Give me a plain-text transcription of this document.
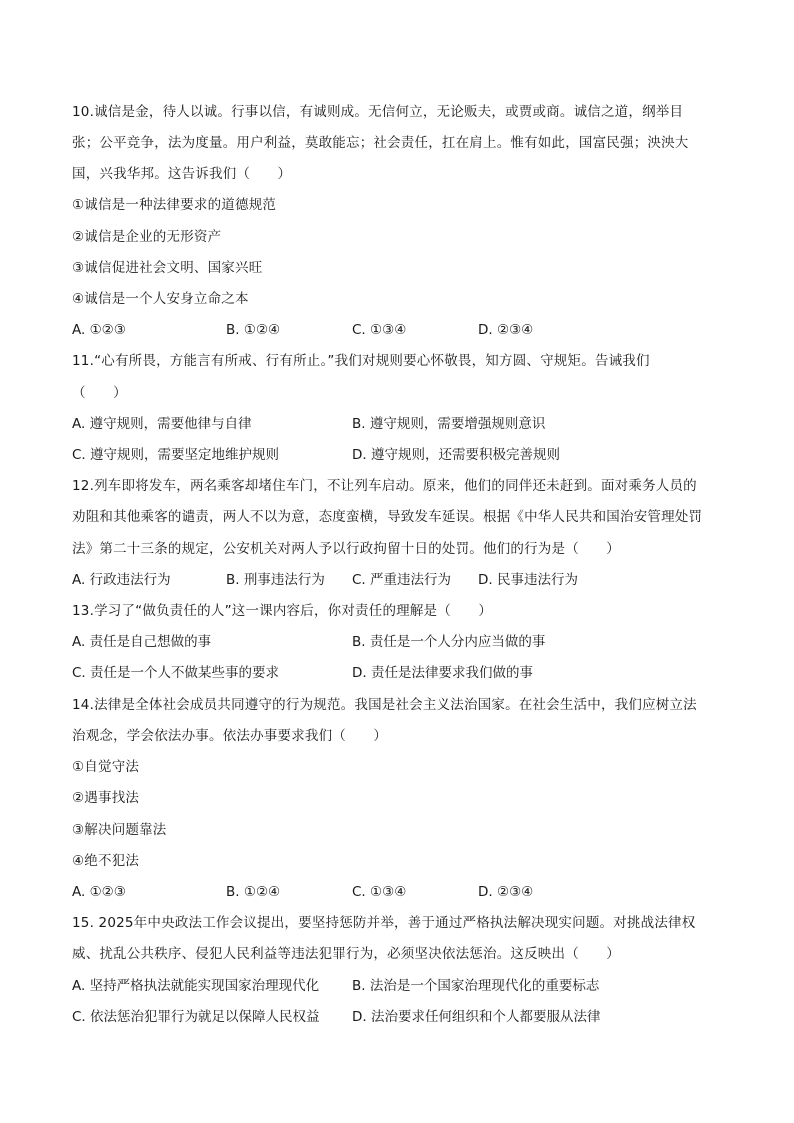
10.诚信是金，待人以诚。行事以信，有诚则成。无信何立，无论贩夫，或贾或商。诚信之道，纲举目
张；公平竞争，法为度量。用户利益，莫敢能忘；社会责任，扛在肩上。惟有如此，国富民强；泱泱大
国，兴我华邦。这告诉我们（　　）
①诚信是一种法律要求的道德规范
②诚信是企业的无形资产
③诚信促进社会文明、国家兴旺
④诚信是一个人安身立命之本
A. ①②③	B. ①②④	C. ①③④	D. ②③④
11.“心有所畏，方能言有所戒、行有所止。”我们对规则要心怀敬畏，知方圆、守规矩。告诫我们
（　　）
A. 遵守规则，需要他律与自律	B. 遵守规则，需要增强规则意识
C. 遵守规则，需要坚定地维护规则	D. 遵守规则，还需要积极完善规则
12.列车即将发车，两名乘客却堵住车门，不让列车启动。原来，他们的同伴还未赶到。面对乘务人员的
劝阻和其他乘客的谴责，两人不以为意，态度蛮横，导致发车延误。根据《中华人民共和国治安管理处罚
法》第二十三条的规定，公安机关对两人予以行政拘留十日的处罚。他们的行为是（　　）
A. 行政违法行为	B. 刑事违法行为 C. 严重违法行为 D. 民事违法行为
13.学习了“做负责任的人”这一课内容后，你对责任的理解是（　　）
A. 责任是自己想做的事	B. 责任是一个人分内应当做的事
C. 责任是一个人不做某些事的要求	D. 责任是法律要求我们做的事
14.法律是全体社会成员共同遵守的行为规范。我国是社会主义法治国家。在社会生活中，我们应树立法
治观念，学会依法办事。依法办事要求我们（　　）
①自觉守法
②遇事找法
③解决问题靠法
④绝不犯法
A. ①②③	B. ①②④	C. ①③④	D. ②③④
15. 2025年中央政法工作会议提出，要坚持惩防并举，善于通过严格执法解决现实问题。对挑战法律权
威、扰乱公共秩序、侵犯人民利益等违法犯罪行为，必须坚决依法惩治。这反映出（　　）
A. 坚持严格执法就能实现国家治理现代化 B. 法治是一个国家治理现代化的重要标志
C. 依法惩治犯罪行为就足以保障人民权益 D. 法治要求任何组织和个人都要服从法律
